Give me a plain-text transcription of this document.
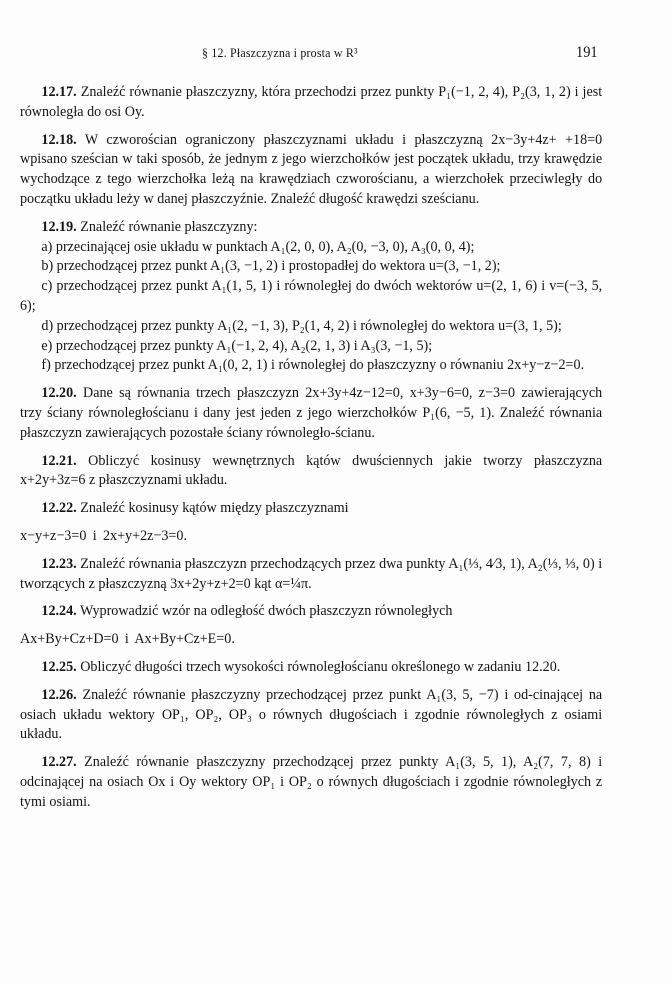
§ 12. Płaszczyzna i prosta w R³	191

12.17. Znaleźć równanie płaszczyzny, która przechodzi przez punkty P₁(−1, 2, 4), P₂(3, 1, 2) i jest równoległa do osi Oy.

12.18. W czworościan ograniczony płaszczyznami układu i płaszczyzną 2x−3y+4z+ +18=0 wpisano sześcian w taki sposób, że jednym z jego wierzchołków jest początek układu, trzy krawędzie wychodzące z tego wierzchołka leżą na krawędziach czworościanu, a wierzchołek przeciwległy do początku układu leży w danej płaszczyźnie. Znaleźć długość krawędzi sześcianu.

12.19. Znaleźć równanie płaszczyzny:

a) przecinającej osie układu w punktach A₁(2, 0, 0), A₂(0, −3, 0), A₃(0, 0, 4);

b) przechodzącej przez punkt A₁(3, −1, 2) i prostopadłej do wektora u=(3, −1, 2);

c) przechodzącej przez punkt A₁(1, 5, 1) i równoległej do dwóch wektorów u=(2, 1, 6) i v=(−3, 5, 6);

d) przechodzącej przez punkty A₁(2, −1, 3), P₂(1, 4, 2) i równoległej do wektora u=(3, 1, 5);

e) przechodzącej przez punkty A₁(−1, 2, 4), A₂(2, 1, 3) i A₃(3, −1, 5);

f) przechodzącej przez punkt A₁(0, 2, 1) i równoległej do płaszczyzny o równaniu 2x+y−z−2=0.

12.20. Dane są równania trzech płaszczyzn 2x+3y+4z−12=0, x+3y−6=0, z−3=0 zawierających trzy ściany równoległościanu i dany jest jeden z jego wierzchołków P₁(6, −5, 1). Znaleźć równania płaszczyzn zawierających pozostałe ściany równoległo-ścianu.

12.21. Obliczyć kosinusy wewnętrznych kątów dwuściennych jakie tworzy płaszczyzna x+2y+3z=6 z płaszczyznami układu.

12.22. Znaleźć kosinusy kątów między płaszczyznami

x−y+z−3=0 i 2x+y+2z−3=0.

12.23. Znaleźć równania płaszczyzn przechodzących przez dwa punkty A₁(⅓, 4⁄3, 1), A₂(⅓, ⅓, 0) i tworzących z płaszczyzną 3x+2y+z+2=0 kąt α=¼π.

12.24. Wyprowadzić wzór na odległość dwóch płaszczyzn równoległych

Ax+By+Cz+D=0 i Ax+By+Cz+E=0.

12.25. Obliczyć długości trzech wysokości równoległościanu określonego w zadaniu 12.20.

12.26. Znaleźć równanie płaszczyzny przechodzącej przez punkt A₁(3, 5, −7) i od-cinającej na osiach układu wektory OP₁, OP₂, OP₃ o równych długościach i zgodnie równoległych z osiami układu.

12.27. Znaleźć równanie płaszczyzny przechodzącej przez punkty A₁(3, 5, 1), A₂(7, 7, 8) i odcinającej na osiach Ox i Oy wektory OP₁ i OP₂ o równych długościach i zgodnie równoległych z tymi osiami.
